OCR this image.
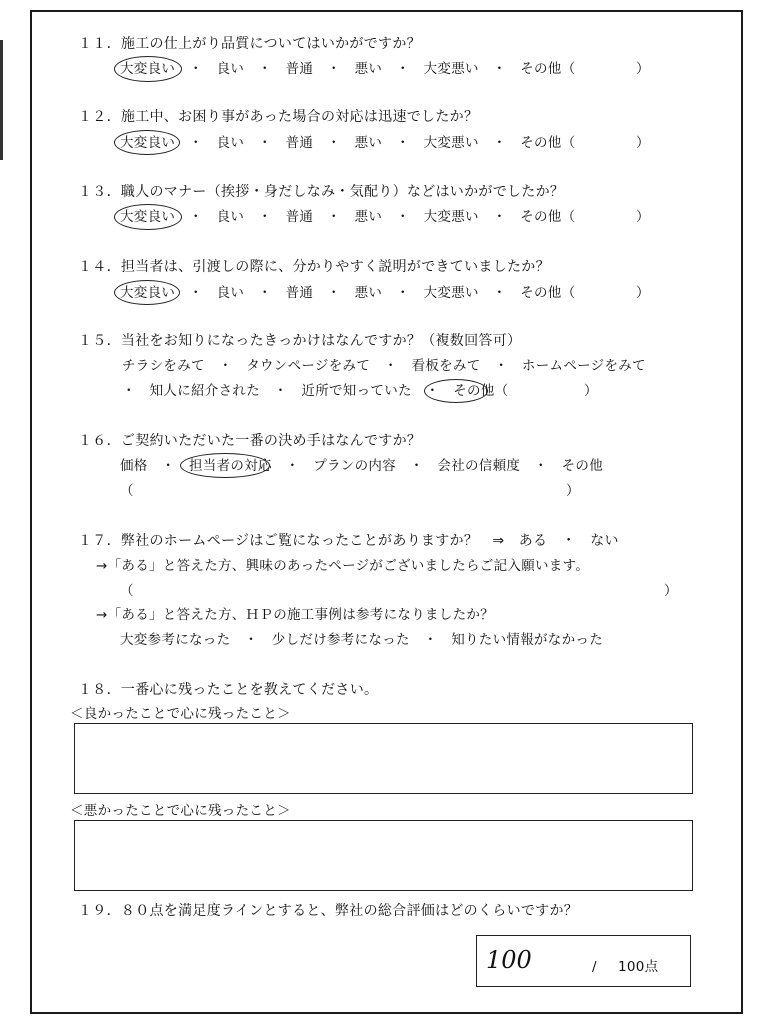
１１．施工の仕上がり品質についてはいかがですか？
大変良い　・　良い　・　普通　・　悪い　・　大変悪い　・　その他（	）
１２．施工中、お困り事があった場合の対応は迅速でしたか？
大変良い　・　良い　・　普通　・　悪い　・　大変悪い　・　その他（	）
１３．職人のマナー（挨拶・身だしなみ・気配り）などはいかがでしたか？
大変良い　・　良い　・　普通　・　悪い　・　大変悪い　・　その他（	）
１４．担当者は、引渡しの際に、分かりやすく説明ができていましたか？
大変良い　・　良い　・　普通　・　悪い　・　大変悪い　・　その他（	）
１５．当社をお知りになったきっかけはなんですか？（複数回答可）
チラシをみて　・　タウンページをみて　・　看板をみて　・　ホームページをみて
・　知人に紹介された　・　近所で知っていた　・　その他（	）
１６．ご契約いただいた一番の決め手はなんですか？
価格　・　担当者の対応　・　プランの内容　・　会社の信頼度　・　その他
（	）
１７．弊社のホームページはご覧になったことがありますか？　⇒　ある　・　ない
→「ある」と答えた方、興味のあったページがございましたらご記入願います。
（	）
→「ある」と答えた方、ＨＰの施工事例は参考になりましたか？
大変参考になった　・　少しだけ参考になった　・　知りたい情報がなかった
１８．一番心に残ったことを教えてください。
＜良かったことで心に残ったこと＞
＜悪かったことで心に残ったこと＞
１９．８０点を満足度ラインとすると、弊社の総合評価はどのくらいですか？
100	/ 100点
